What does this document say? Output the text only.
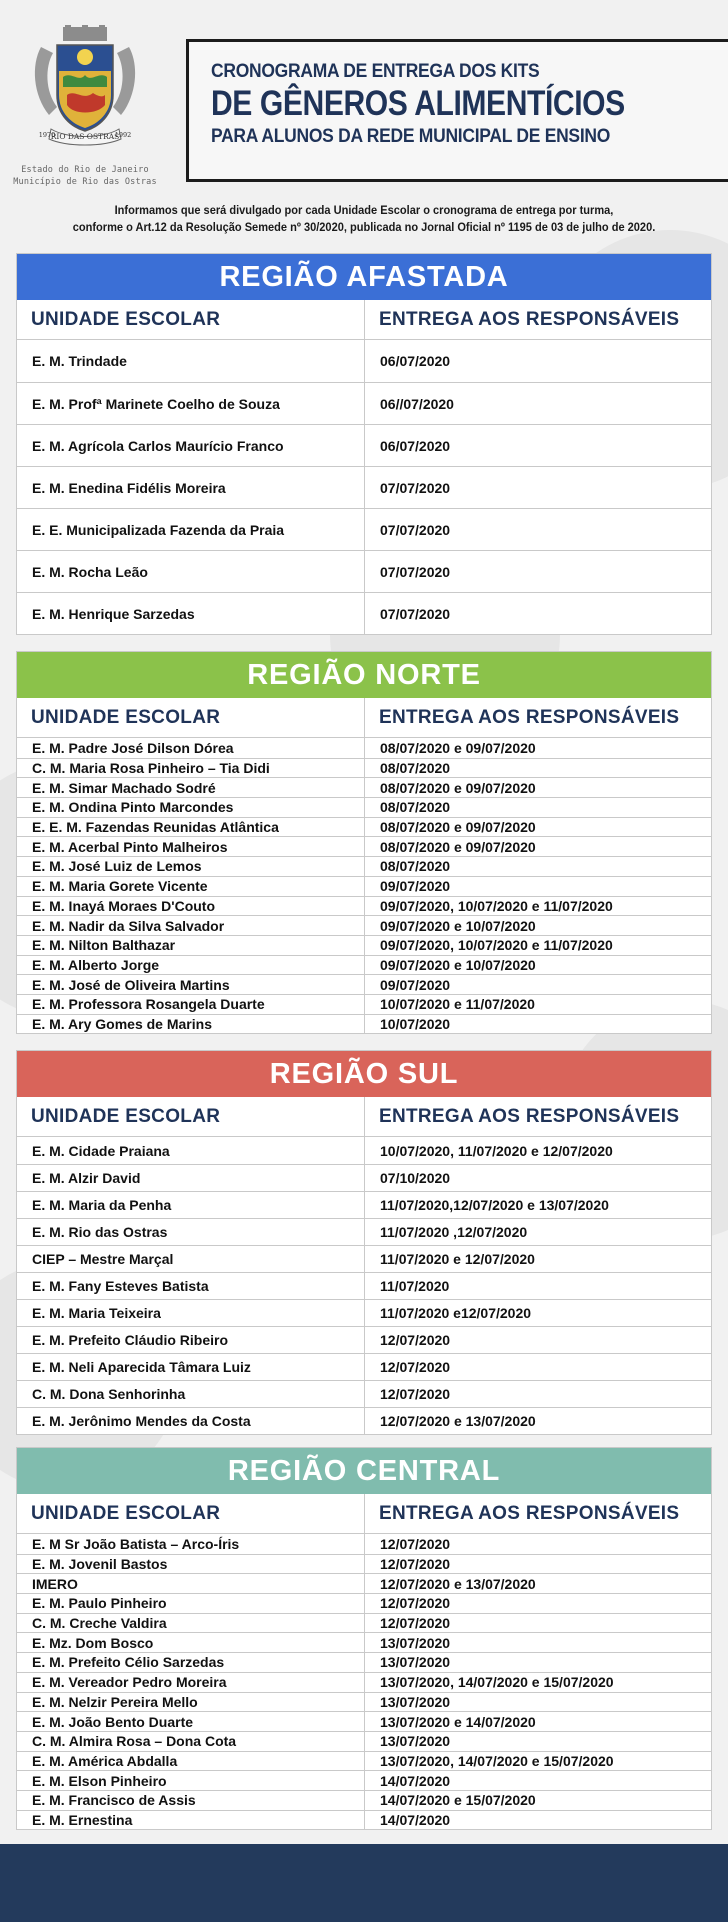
RIO DAS OSTRAS
1970	1992
Estado do Rio de Janeiro
Município de Rio das Ostras
CRONOGRAMA DE ENTREGA DOS KITS
DE GÊNEROS ALIMENTÍCIOS
PARA ALUNOS DA REDE MUNICIPAL DE ENSINO
Informamos que será divulgado por cada Unidade Escolar o cronograma de entrega por turma,
conforme o Art.12 da Resolução Semede nº 30/2020, publicada no Jornal Oficial nº 1195 de 03 de julho de 2020.
REGIÃO AFASTADA
UNIDADE ESCOLAR	ENTREGA AOS RESPONSÁVEIS
E. M. Trindade	06/07/2020
E. M. Profª Marinete Coelho de Souza	06//07/2020
E. M. Agrícola Carlos Maurício Franco	06/07/2020
E. M. Enedina Fidélis Moreira	07/07/2020
E. E. Municipalizada Fazenda da Praia	07/07/2020
E. M. Rocha Leão	07/07/2020
E. M. Henrique Sarzedas	07/07/2020
REGIÃO NORTE
UNIDADE ESCOLAR	ENTREGA AOS RESPONSÁVEIS
E. M. Padre José Dilson Dórea	08/07/2020 e 09/07/2020
C. M. Maria Rosa Pinheiro – Tia Didi	08/07/2020
E. M. Simar Machado Sodré	08/07/2020 e 09/07/2020
E. M. Ondina Pinto Marcondes	08/07/2020
E. E. M. Fazendas Reunidas Atlântica	08/07/2020 e 09/07/2020
E. M. Acerbal Pinto Malheiros	08/07/2020 e 09/07/2020
E. M. José Luiz de Lemos	08/07/2020
E. M. Maria Gorete Vicente	09/07/2020
E. M. Inayá Moraes D'Couto	09/07/2020, 10/07/2020 e 11/07/2020
E. M. Nadir da Silva Salvador	09/07/2020 e 10/07/2020
E. M. Nilton Balthazar	09/07/2020, 10/07/2020 e 11/07/2020
E. M. Alberto Jorge	09/07/2020 e 10/07/2020
E. M. José de Oliveira Martins	09/07/2020
E. M. Professora Rosangela Duarte	10/07/2020 e 11/07/2020
E. M. Ary Gomes de Marins	10/07/2020
REGIÃO SUL
UNIDADE ESCOLAR	ENTREGA AOS RESPONSÁVEIS
E. M. Cidade Praiana	10/07/2020, 11/07/2020 e 12/07/2020
E. M. Alzir David	07/10/2020
E. M. Maria da Penha	11/07/2020,12/07/2020 e 13/07/2020
E. M. Rio das Ostras	11/07/2020 ,12/07/2020
CIEP – Mestre Marçal	11/07/2020 e 12/07/2020
E. M. Fany Esteves Batista	11/07/2020
E. M. Maria Teixeira	11/07/2020 e12/07/2020
E. M. Prefeito Cláudio Ribeiro	12/07/2020
E. M. Neli Aparecida Tâmara Luiz	12/07/2020
C. M. Dona Senhorinha	12/07/2020
E. M. Jerônimo Mendes da Costa	12/07/2020 e 13/07/2020
REGIÃO CENTRAL
UNIDADE ESCOLAR	ENTREGA AOS RESPONSÁVEIS
E. M Sr João Batista – Arco-Íris	12/07/2020
E. M. Jovenil Bastos	12/07/2020
IMERO	12/07/2020 e 13/07/2020
E. M. Paulo Pinheiro	12/07/2020
C. M. Creche Valdira	12/07/2020
E. Mz. Dom Bosco	13/07/2020
E. M. Prefeito Célio Sarzedas	13/07/2020
E. M. Vereador Pedro Moreira	13/07/2020, 14/07/2020 e 15/07/2020
E. M. Nelzir Pereira Mello	13/07/2020
E. M. João Bento Duarte	13/07/2020 e 14/07/2020
C. M. Almira Rosa – Dona Cota	13/07/2020
E. M. América Abdalla	13/07/2020, 14/07/2020 e 15/07/2020
E. M. Elson Pinheiro	14/07/2020
E. M. Francisco de Assis	14/07/2020 e 15/07/2020
E. M. Ernestina	14/07/2020
